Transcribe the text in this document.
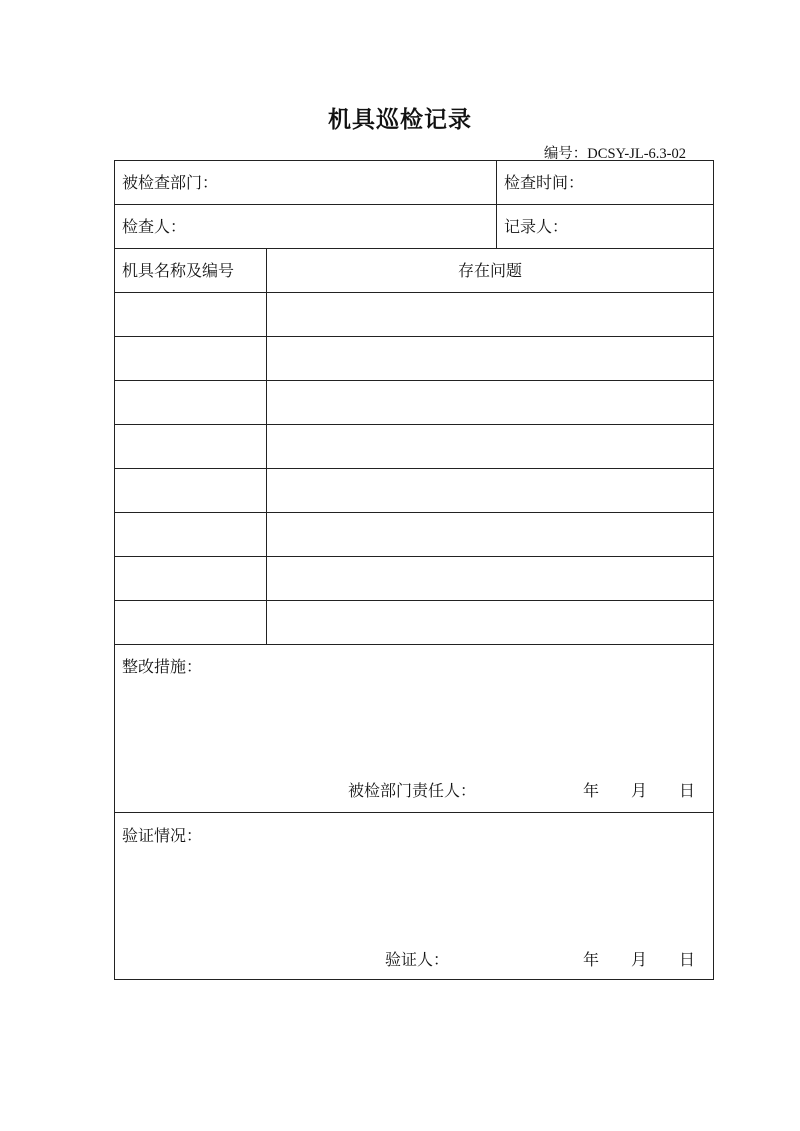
机具巡检记录
编号：DCSY-JL-6.3-02
被检查部门：	检查时间：
检查人：	记录人：
机具名称及编号	存在问题
整改措施：
被检部门责任人：	年 月 日
验证情况：
验证人：	年 月 日
